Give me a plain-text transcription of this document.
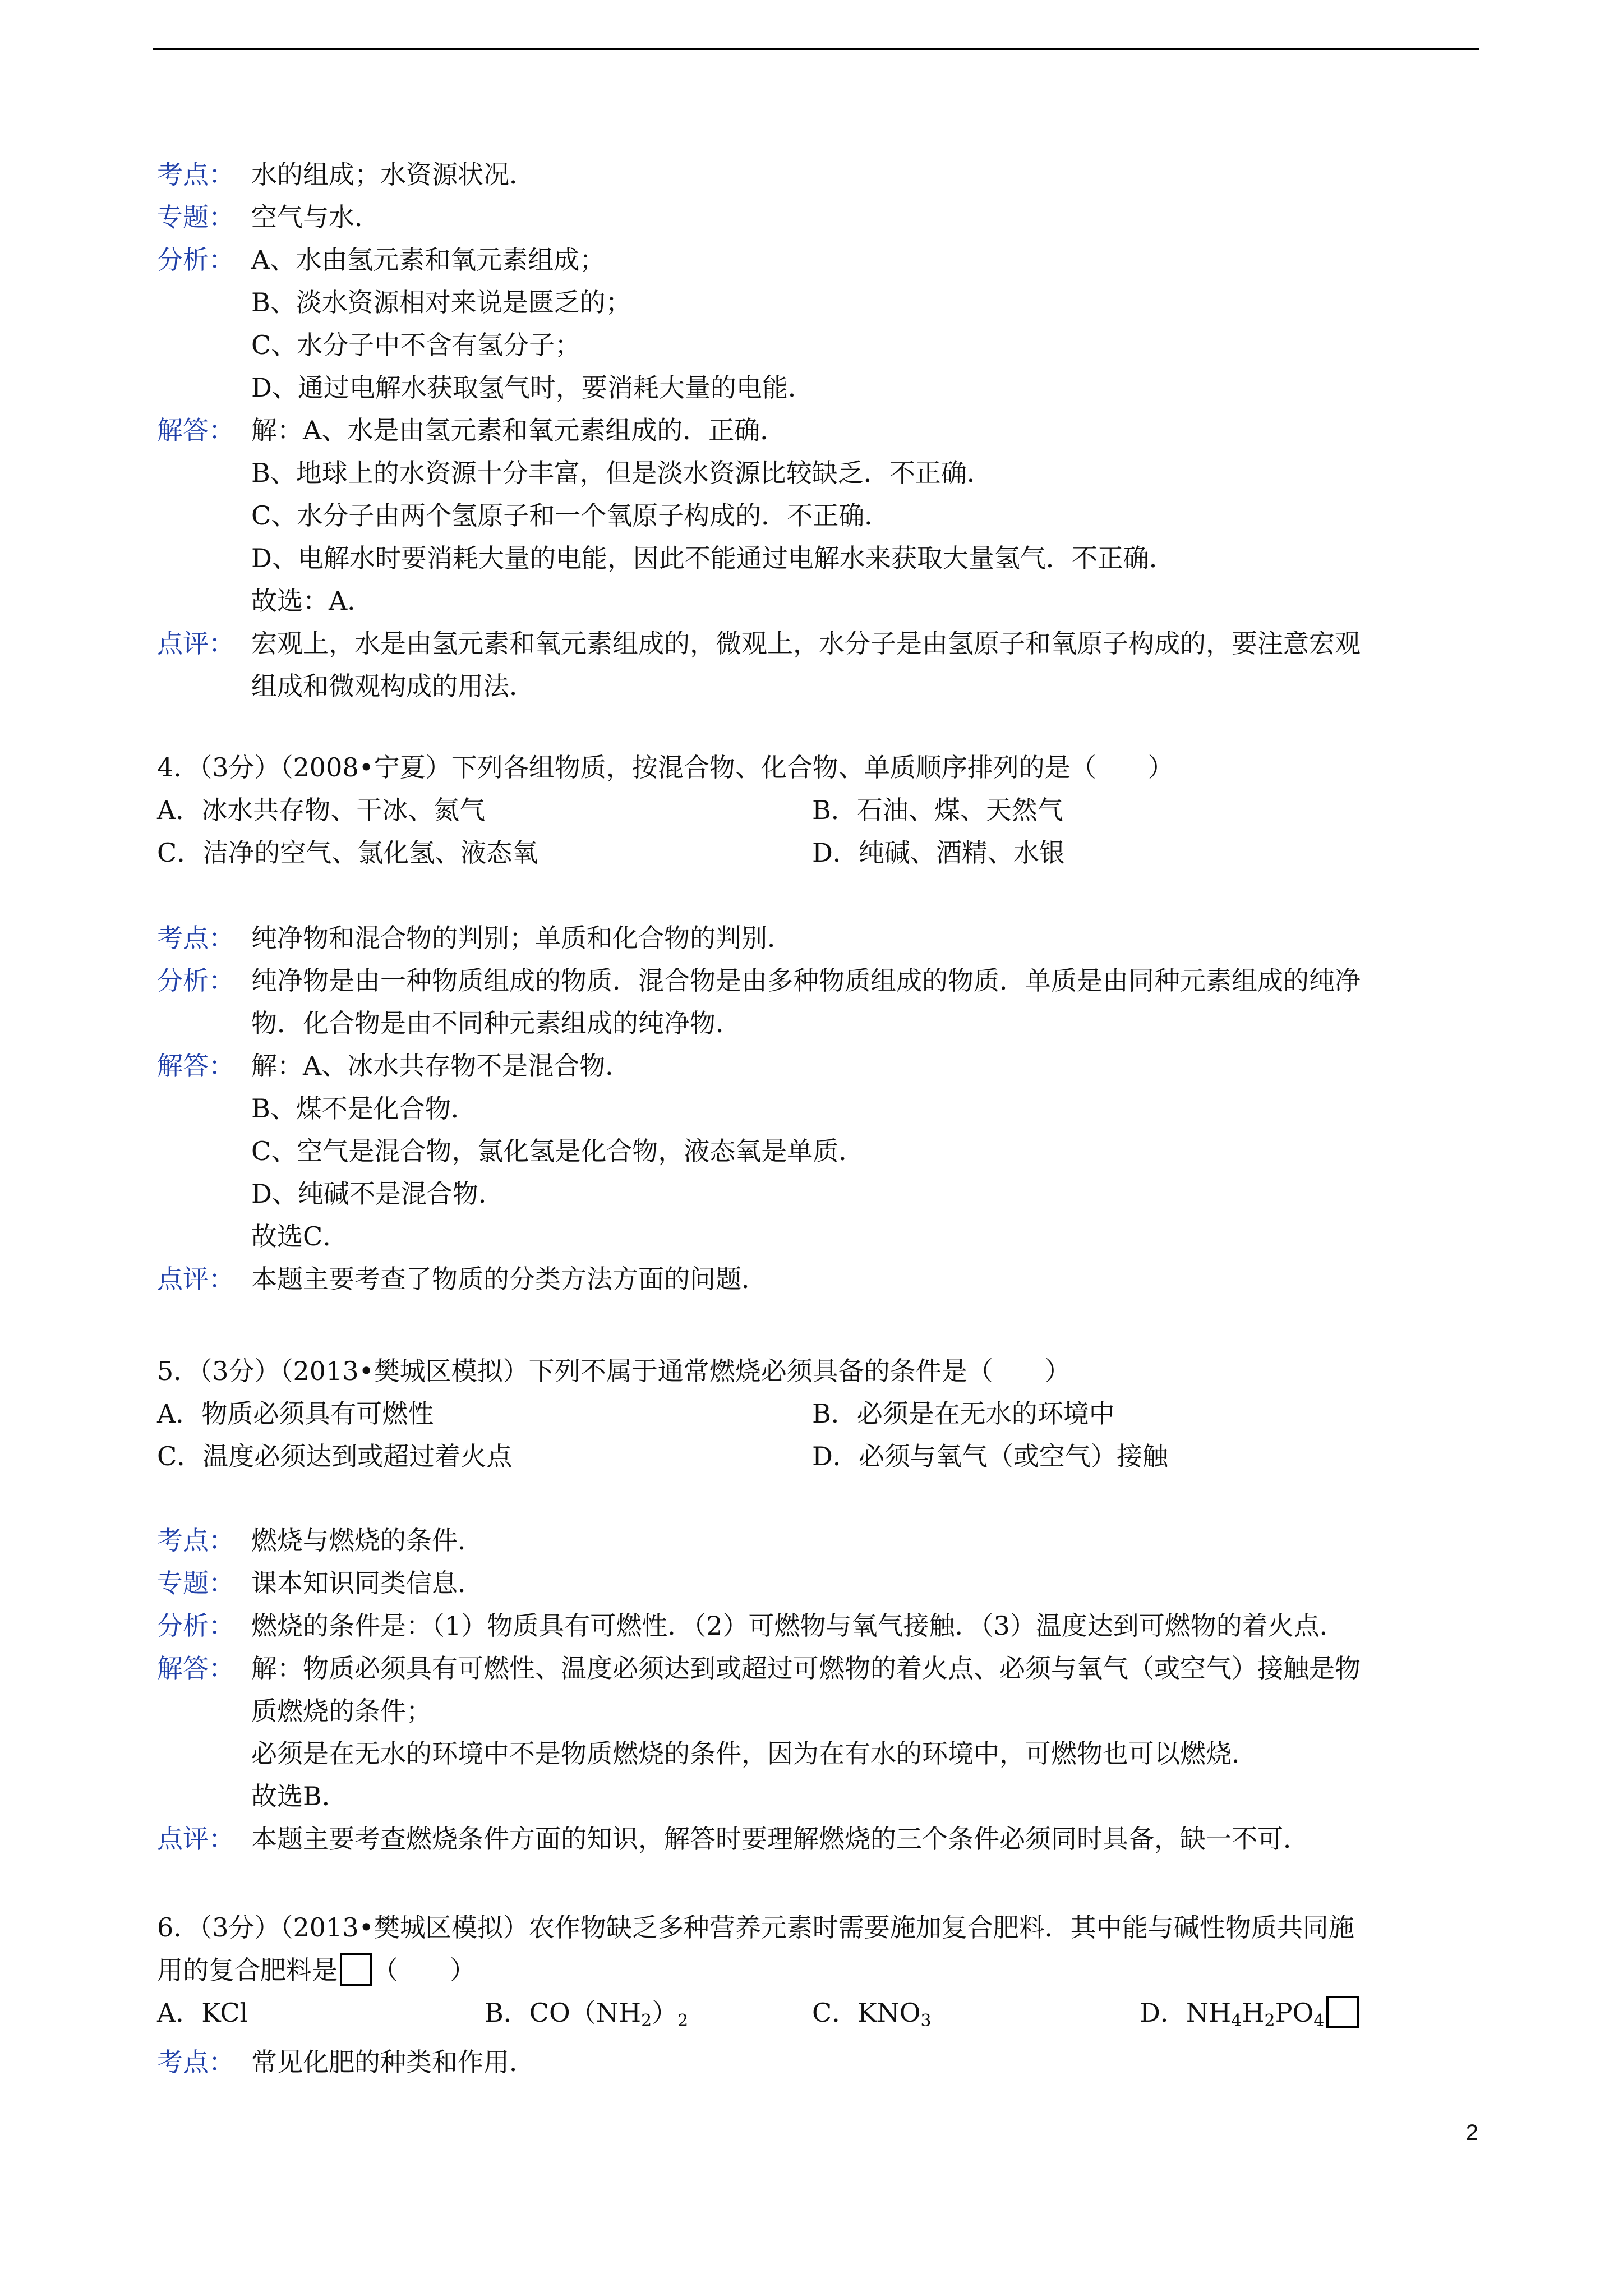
考点： 水的组成；水资源状况．
专题： 空气与水．
分析： A、水由氢元素和氧元素组成；
B、淡水资源相对来说是匮乏的；
C、水分子中不含有氢分子；
D、通过电解水获取氢气时，要消耗大量的电能．
解答： 解：A、水是由氢元素和氧元素组成的．正确．
B、地球上的水资源十分丰富，但是淡水资源比较缺乏．不正确．
C、水分子由两个氢原子和一个氧原子构成的．不正确．
D、电解水时要消耗大量的电能，因此不能通过电解水来获取大量氢气．不正确．
故选：A．
点评： 宏观上，水是由氢元素和氧元素组成的，微观上，水分子是由氢原子和氧原子构成的，要注意宏观
组成和微观构成的用法．
4．（3分）（2008•宁夏）下列各组物质，按混合物、化合物、单质顺序排列的是（　　）
A．冰水共存物、干冰、氮气	B．石油、煤、天然气
C．洁净的空气、氯化氢、液态氧	D．纯碱、酒精、水银
考点： 纯净物和混合物的判别；单质和化合物的判别．
分析： 纯净物是由一种物质组成的物质．混合物是由多种物质组成的物质．单质是由同种元素组成的纯净
物．化合物是由不同种元素组成的纯净物．
解答： 解：A、冰水共存物不是混合物．
B、煤不是化合物．
C、空气是混合物，氯化氢是化合物，液态氧是单质．
D、纯碱不是混合物．
故选C．
点评： 本题主要考查了物质的分类方法方面的问题．
5．（3分）（2013•樊城区模拟）下列不属于通常燃烧必须具备的条件是（　　）
A．物质必须具有可燃性	B．必须是在无水的环境中
C．温度必须达到或超过着火点	D．必须与氧气（或空气）接触
考点： 燃烧与燃烧的条件．
专题： 课本知识同类信息．
分析： 燃烧的条件是：（1）物质具有可燃性．（2）可燃物与氧气接触．（3）温度达到可燃物的着火点．
解答： 解：物质必须具有可燃性、温度必须达到或超过可燃物的着火点、必须与氧气（或空气）接触是物
质燃烧的条件；
必须是在无水的环境中不是物质燃烧的条件，因为在有水的环境中，可燃物也可以燃烧．
故选B．
点评： 本题主要考查燃烧条件方面的知识，解答时要理解燃烧的三个条件必须同时具备，缺一不可．
6．（3分）（2013•樊城区模拟）农作物缺乏多种营养元素时需要施加复合肥料．其中能与碱性物质共同施
用的复合肥料是 （　　）
A．KCl	B．$CO(NH_2)_2$	C．$KNO_3$	D．$NH_4H_2PO_4$
考点： 常见化肥的种类和作用．
2
